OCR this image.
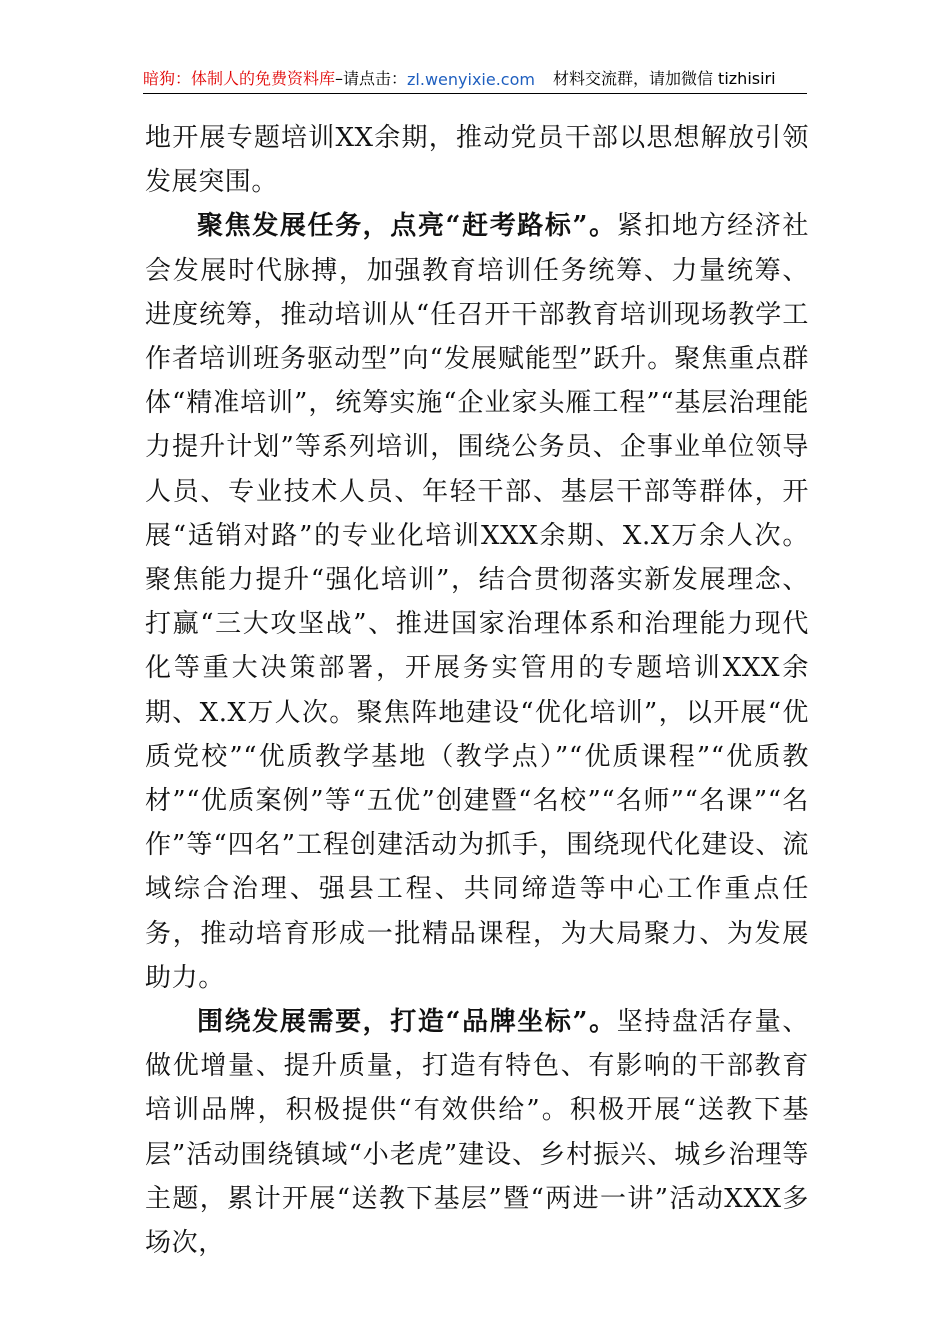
暗狗：体制人的免费资料库 –请点击： zl.wenyixie.com 材料交流群，请加微信 tizhisiri

地开展专题培训XX余期，推动党员干部以思想解放引领发展突围。

聚焦发展任务，点亮“赶考路标”。紧扣地方经济社会发展时代脉搏，加强教育培训任务统筹、力量统筹、进度统筹，推动培训从“任召开干部教育培训现场教学工作者培训班务驱动型”向“发展赋能型”跃升。聚焦重点群体“精准培训”，统筹实施“企业家头雁工程”“基层治理能力提升计划”等系列培训，围绕公务员、企事业单位领导人员、专业技术人员、年轻干部、基层干部等群体，开展“适销对路”的专业化培训XXX余期、X.X万余人次。聚焦能力提升“强化培训”，结合贯彻落实新发展理念、打赢“三大攻坚战”、推进国家治理体系和治理能力现代化等重大决策部署，开展务实管用的专题培训XXX余期、X.X万人次。聚焦阵地建设“优化培训”，以开展“优质党校”“优质教学基地（教学点）”“优质课程”“优质教材”“优质案例”等“五优”创建暨“名校”“名师”“名课”“名作”等“四名”工程创建活动为抓手，围绕现代化建设、流域综合治理、强县工程、共同缔造等中心工作重点任务，推动培育形成一批精品课程，为大局聚力、为发展助力。

围绕发展需要，打造“品牌坐标”。坚持盘活存量、做优增量、提升质量，打造有特色、有影响的干部教育培训品牌，积极提供“有效供给”。积极开展“送教下基层”活动围绕镇域“小老虎”建设、乡村振兴、城乡治理等主题，累计开展“送教下基层”暨“两进一讲”活动XXX多场次，
